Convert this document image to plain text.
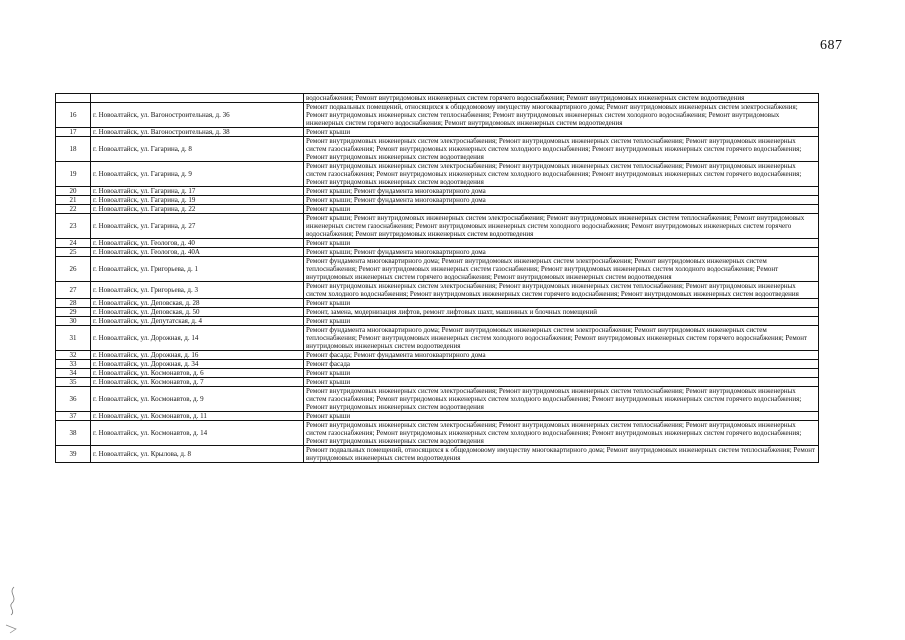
687
		водоснабжения; Ремонт внутридомовых инженерных систем горячего водоснабжения; Ремонт внутридомовых инженерных систем водоотведения
16	г. Новоалтайск, ул. Вагоностроительная, д. 36	Ремонт подвальных помещений, относящихся к общедомовому имуществу многоквартирного дома; Ремонт внутридомовых инженерных систем электроснабжения; Ремонт внутридомовых инженерных систем теплоснабжения; Ремонт внутридомовых инженерных систем холодного водоснабжения; Ремонт внутридомовых инженерных систем горячего водоснабжения; Ремонт внутридомовых инженерных систем водоотведения
17	г. Новоалтайск, ул. Вагоностроительная, д. 38	Ремонт крыши
18	г. Новоалтайск, ул. Гагарина, д. 8	Ремонт внутридомовых инженерных систем электроснабжения; Ремонт внутридомовых инженерных систем теплоснабжения; Ремонт внутридомовых инженерных систем газоснабжения; Ремонт внутридомовых инженерных систем холодного водоснабжения; Ремонт внутридомовых инженерных систем горячего водоснабжения; Ремонт внутридомовых инженерных систем водоотведения
19	г. Новоалтайск, ул. Гагарина, д. 9	Ремонт внутридомовых инженерных систем электроснабжения; Ремонт внутридомовых инженерных систем теплоснабжения; Ремонт внутридомовых инженерных систем газоснабжения; Ремонт внутридомовых инженерных систем холодного водоснабжения; Ремонт внутридомовых инженерных систем горячего водоснабжения; Ремонт внутридомовых инженерных систем водоотведения
20	г. Новоалтайск, ул. Гагарина, д. 17	Ремонт крыши; Ремонт фундамента многоквартирного дома
21	г. Новоалтайск, ул. Гагарина, д. 19	Ремонт крыши; Ремонт фундамента многоквартирного дома
22	г. Новоалтайск, ул. Гагарина, д. 22	Ремонт крыши
23	г. Новоалтайск, ул. Гагарина, д. 27	Ремонт крыши; Ремонт внутридомовых инженерных систем электроснабжения; Ремонт внутридомовых инженерных систем теплоснабжения; Ремонт внутридомовых инженерных систем газоснабжения; Ремонт внутридомовых инженерных систем холодного водоснабжения; Ремонт внутридомовых инженерных систем горячего водоснабжения; Ремонт внутридомовых инженерных систем водоотведения
24	г. Новоалтайск, ул. Геологов, д. 40	Ремонт крыши
25	г. Новоалтайск, ул. Геологов, д. 40А	Ремонт крыши; Ремонт фундамента многоквартирного дома
26	г. Новоалтайск, ул. Григорьева, д. 1	Ремонт фундамента многоквартирного дома; Ремонт внутридомовых инженерных систем электроснабжения; Ремонт внутридомовых инженерных систем теплоснабжения; Ремонт внутридомовых инженерных систем газоснабжения; Ремонт внутридомовых инженерных систем холодного водоснабжения; Ремонт внутридомовых инженерных систем горячего водоснабжения; Ремонт внутридомовых инженерных систем водоотведения
27	г. Новоалтайск, ул. Григорьева, д. 3	Ремонт внутридомовых инженерных систем электроснабжения; Ремонт внутридомовых инженерных систем теплоснабжения; Ремонт внутридомовых инженерных систем холодного водоснабжения; Ремонт внутридомовых инженерных систем горячего водоснабжения; Ремонт внутридомовых инженерных систем водоотведения
28	г. Новоалтайск, ул. Деповская, д. 28	Ремонт крыши
29	г. Новоалтайск, ул. Деповская, д. 50	Ремонт, замена, модернизация лифтов, ремонт лифтовых шахт, машинных и блочных помещений
30	г. Новоалтайск, ул. Депутатская, д. 4	Ремонт крыши
31	г. Новоалтайск, ул. Дорожная, д. 14	Ремонт фундамента многоквартирного дома; Ремонт внутридомовых инженерных систем электроснабжения; Ремонт внутридомовых инженерных систем теплоснабжения; Ремонт внутридомовых инженерных систем холодного водоснабжения; Ремонт внутридомовых инженерных систем горячего водоснабжения; Ремонт внутридомовых инженерных систем водоотведения
32	г. Новоалтайск, ул. Дорожная, д. 16	Ремонт фасада; Ремонт фундамента многоквартирного дома
33	г. Новоалтайск, ул. Дорожная, д. 34	Ремонт фасада
34	г. Новоалтайск, ул. Космонавтов, д. 6	Ремонт крыши
35	г. Новоалтайск, ул. Космонавтов, д. 7	Ремонт крыши
36	г. Новоалтайск, ул. Космонавтов, д. 9	Ремонт внутридомовых инженерных систем электроснабжения; Ремонт внутридомовых инженерных систем теплоснабжения; Ремонт внутридомовых инженерных систем газоснабжения; Ремонт внутридомовых инженерных систем холодного водоснабжения; Ремонт внутридомовых инженерных систем горячего водоснабжения; Ремонт внутридомовых инженерных систем водоотведения
37	г. Новоалтайск, ул. Космонавтов, д. 11	Ремонт крыши
38	г. Новоалтайск, ул. Космонавтов, д. 14	Ремонт внутридомовых инженерных систем электроснабжения; Ремонт внутридомовых инженерных систем теплоснабжения; Ремонт внутридомовых инженерных систем газоснабжения; Ремонт внутридомовых инженерных систем холодного водоснабжения; Ремонт внутридомовых инженерных систем горячего водоснабжения; Ремонт внутридомовых инженерных систем водоотведения
39	г. Новоалтайск, ул. Крылова, д. 8	Ремонт подвальных помещений, относящихся к общедомовому имуществу многоквартирного дома; Ремонт внутридомовых инженерных систем теплоснабжения; Ремонт внутридомовых инженерных систем водоотведения
